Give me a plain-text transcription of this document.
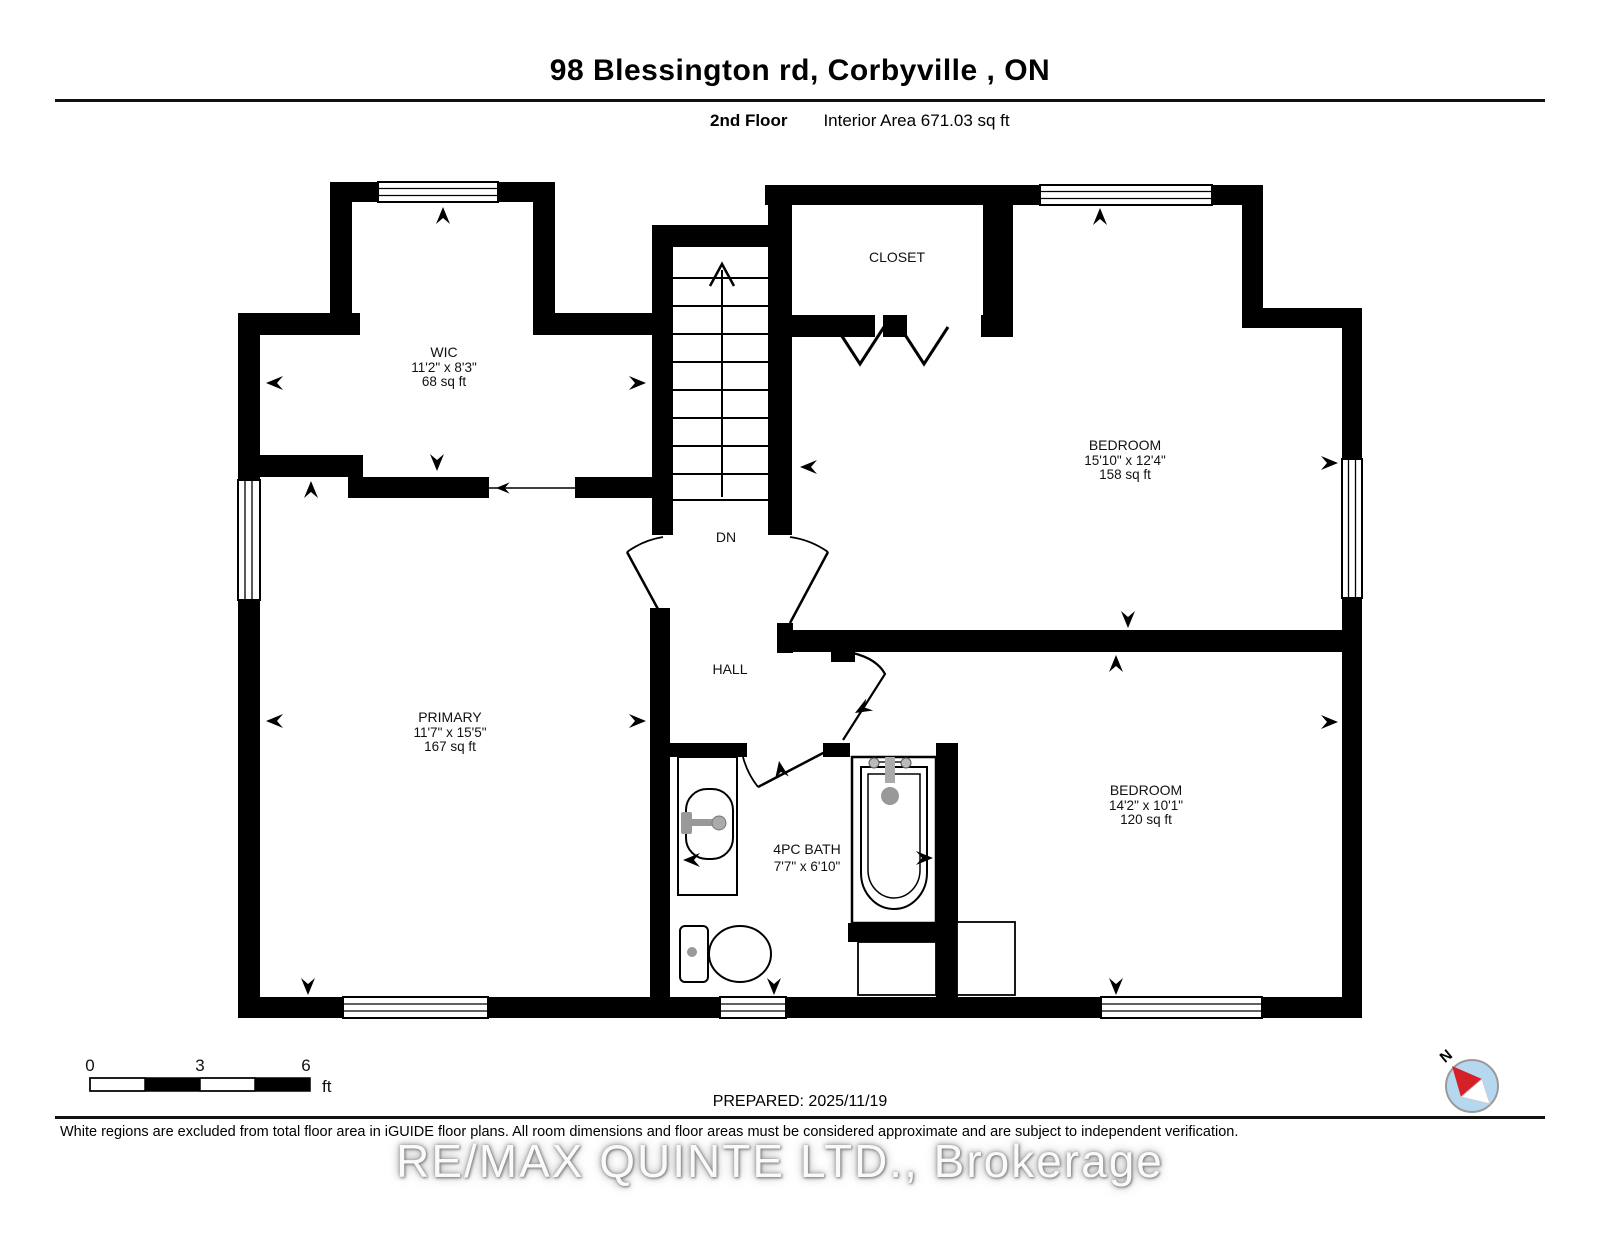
98 Blessington rd, Corbyville , ON
2nd Floor Interior Area 671.03 sq ft
WIC
11'2" x 8'3"
68 sq ft
CLOSET
BEDROOM
15'10" x 12'4"
158 sq ft
PRIMARY
11'7" x 15'5"
167 sq ft
HALL
4PC BATH
7'7" x 6'10"
BEDROOM
14'2" x 10'1"
120 sq ft
DN
0	3	6
ft
N
PREPARED: 2025/11/19
White regions are excluded from total floor area in iGUIDE floor plans. All room dimensions and floor areas must be considered approximate and are subject to independent verification.
RE/MAX QUINTE LTD., Brokerage
